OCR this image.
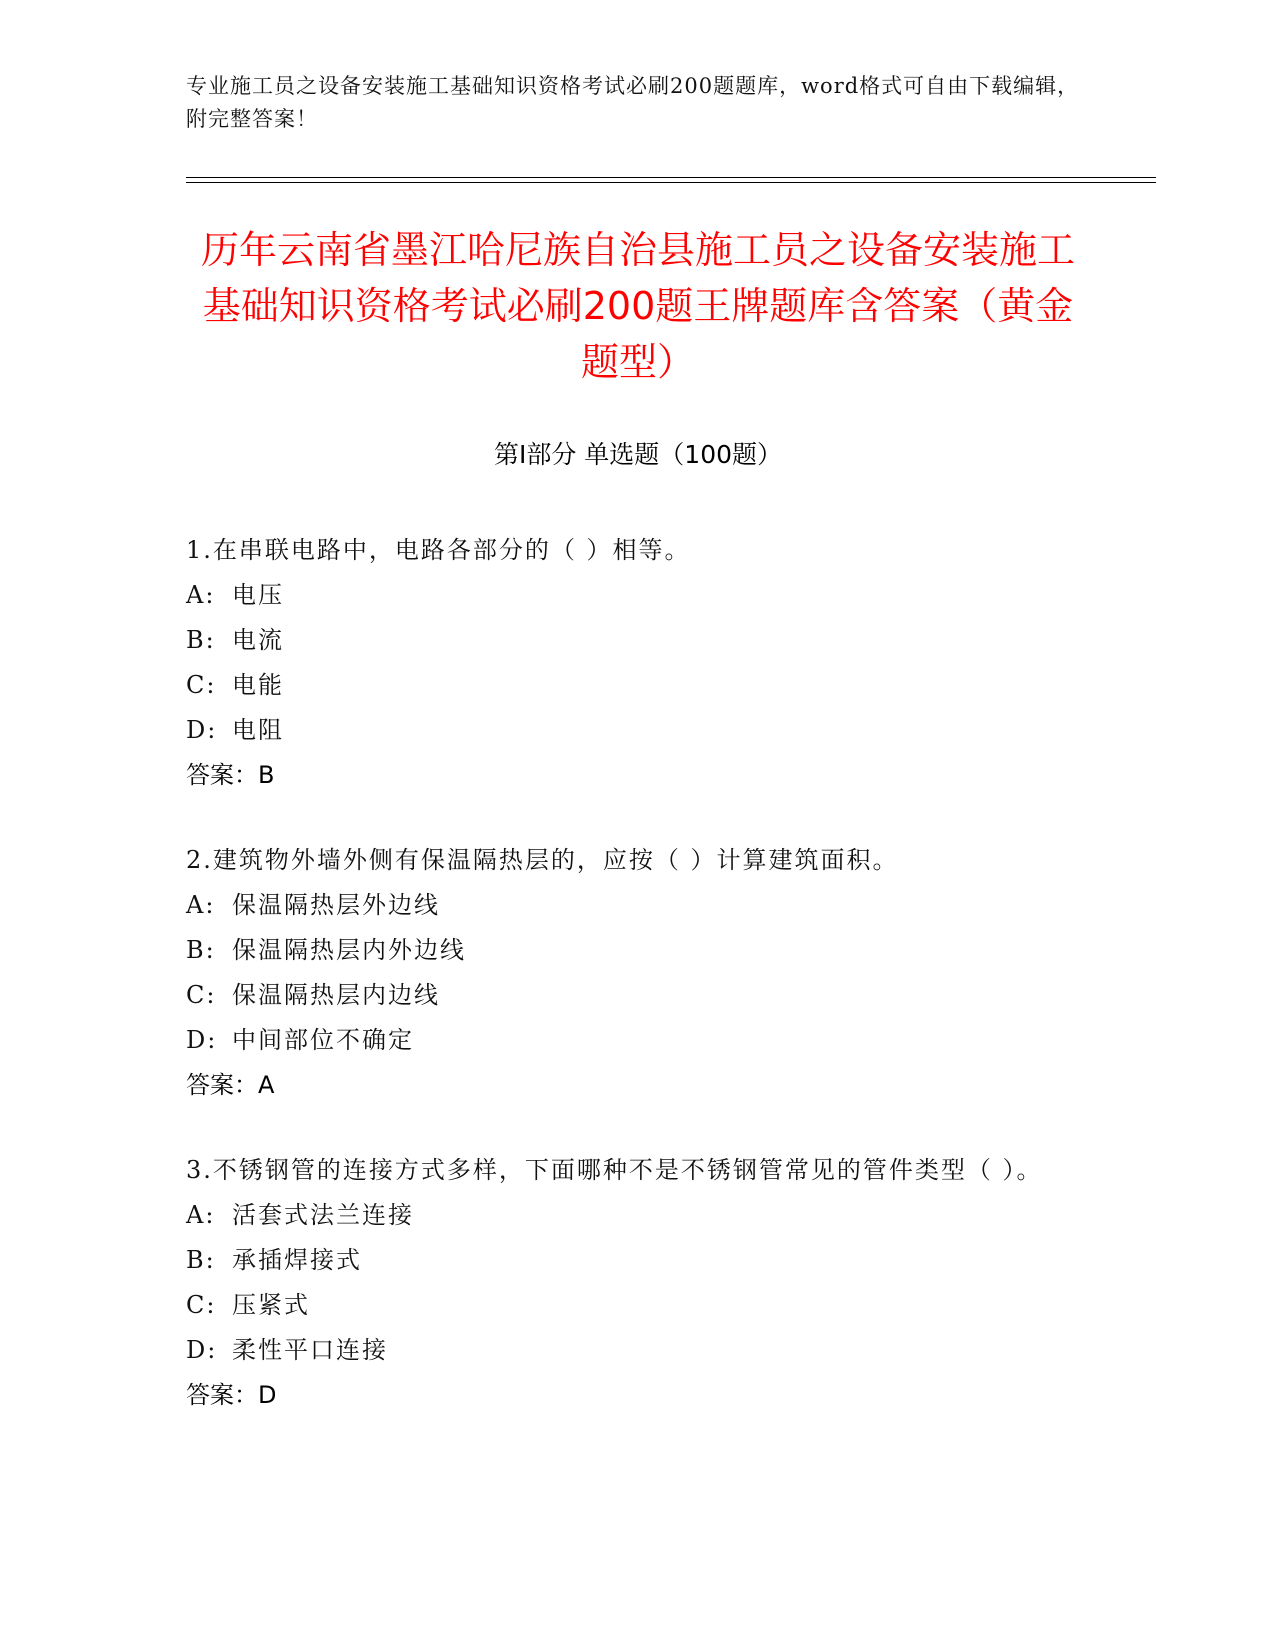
专业施工员之设备安装施工基础知识资格考试必刷200题题库，word格式可自由下载编辑，附完整答案！
历年云南省墨江哈尼族自治县施工员之设备安装施工基础知识资格考试必刷200题王牌题库含答案（黄金题型）
第Ⅰ部分 单选题（100题）
1.在串联电路中，电路各部分的（ ）相等。
A: 电压
B: 电流
C: 电能
D: 电阻
答案：B
2.建筑物外墙外侧有保温隔热层的，应按（ ）计算建筑面积。
A: 保温隔热层外边线
B: 保温隔热层内外边线
C: 保温隔热层内边线
D: 中间部位不确定
答案：A
3.不锈钢管的连接方式多样，下面哪种不是不锈钢管常见的管件类型（ ）。
A: 活套式法兰连接
B: 承插焊接式
C: 压紧式
D: 柔性平口连接
答案：D
